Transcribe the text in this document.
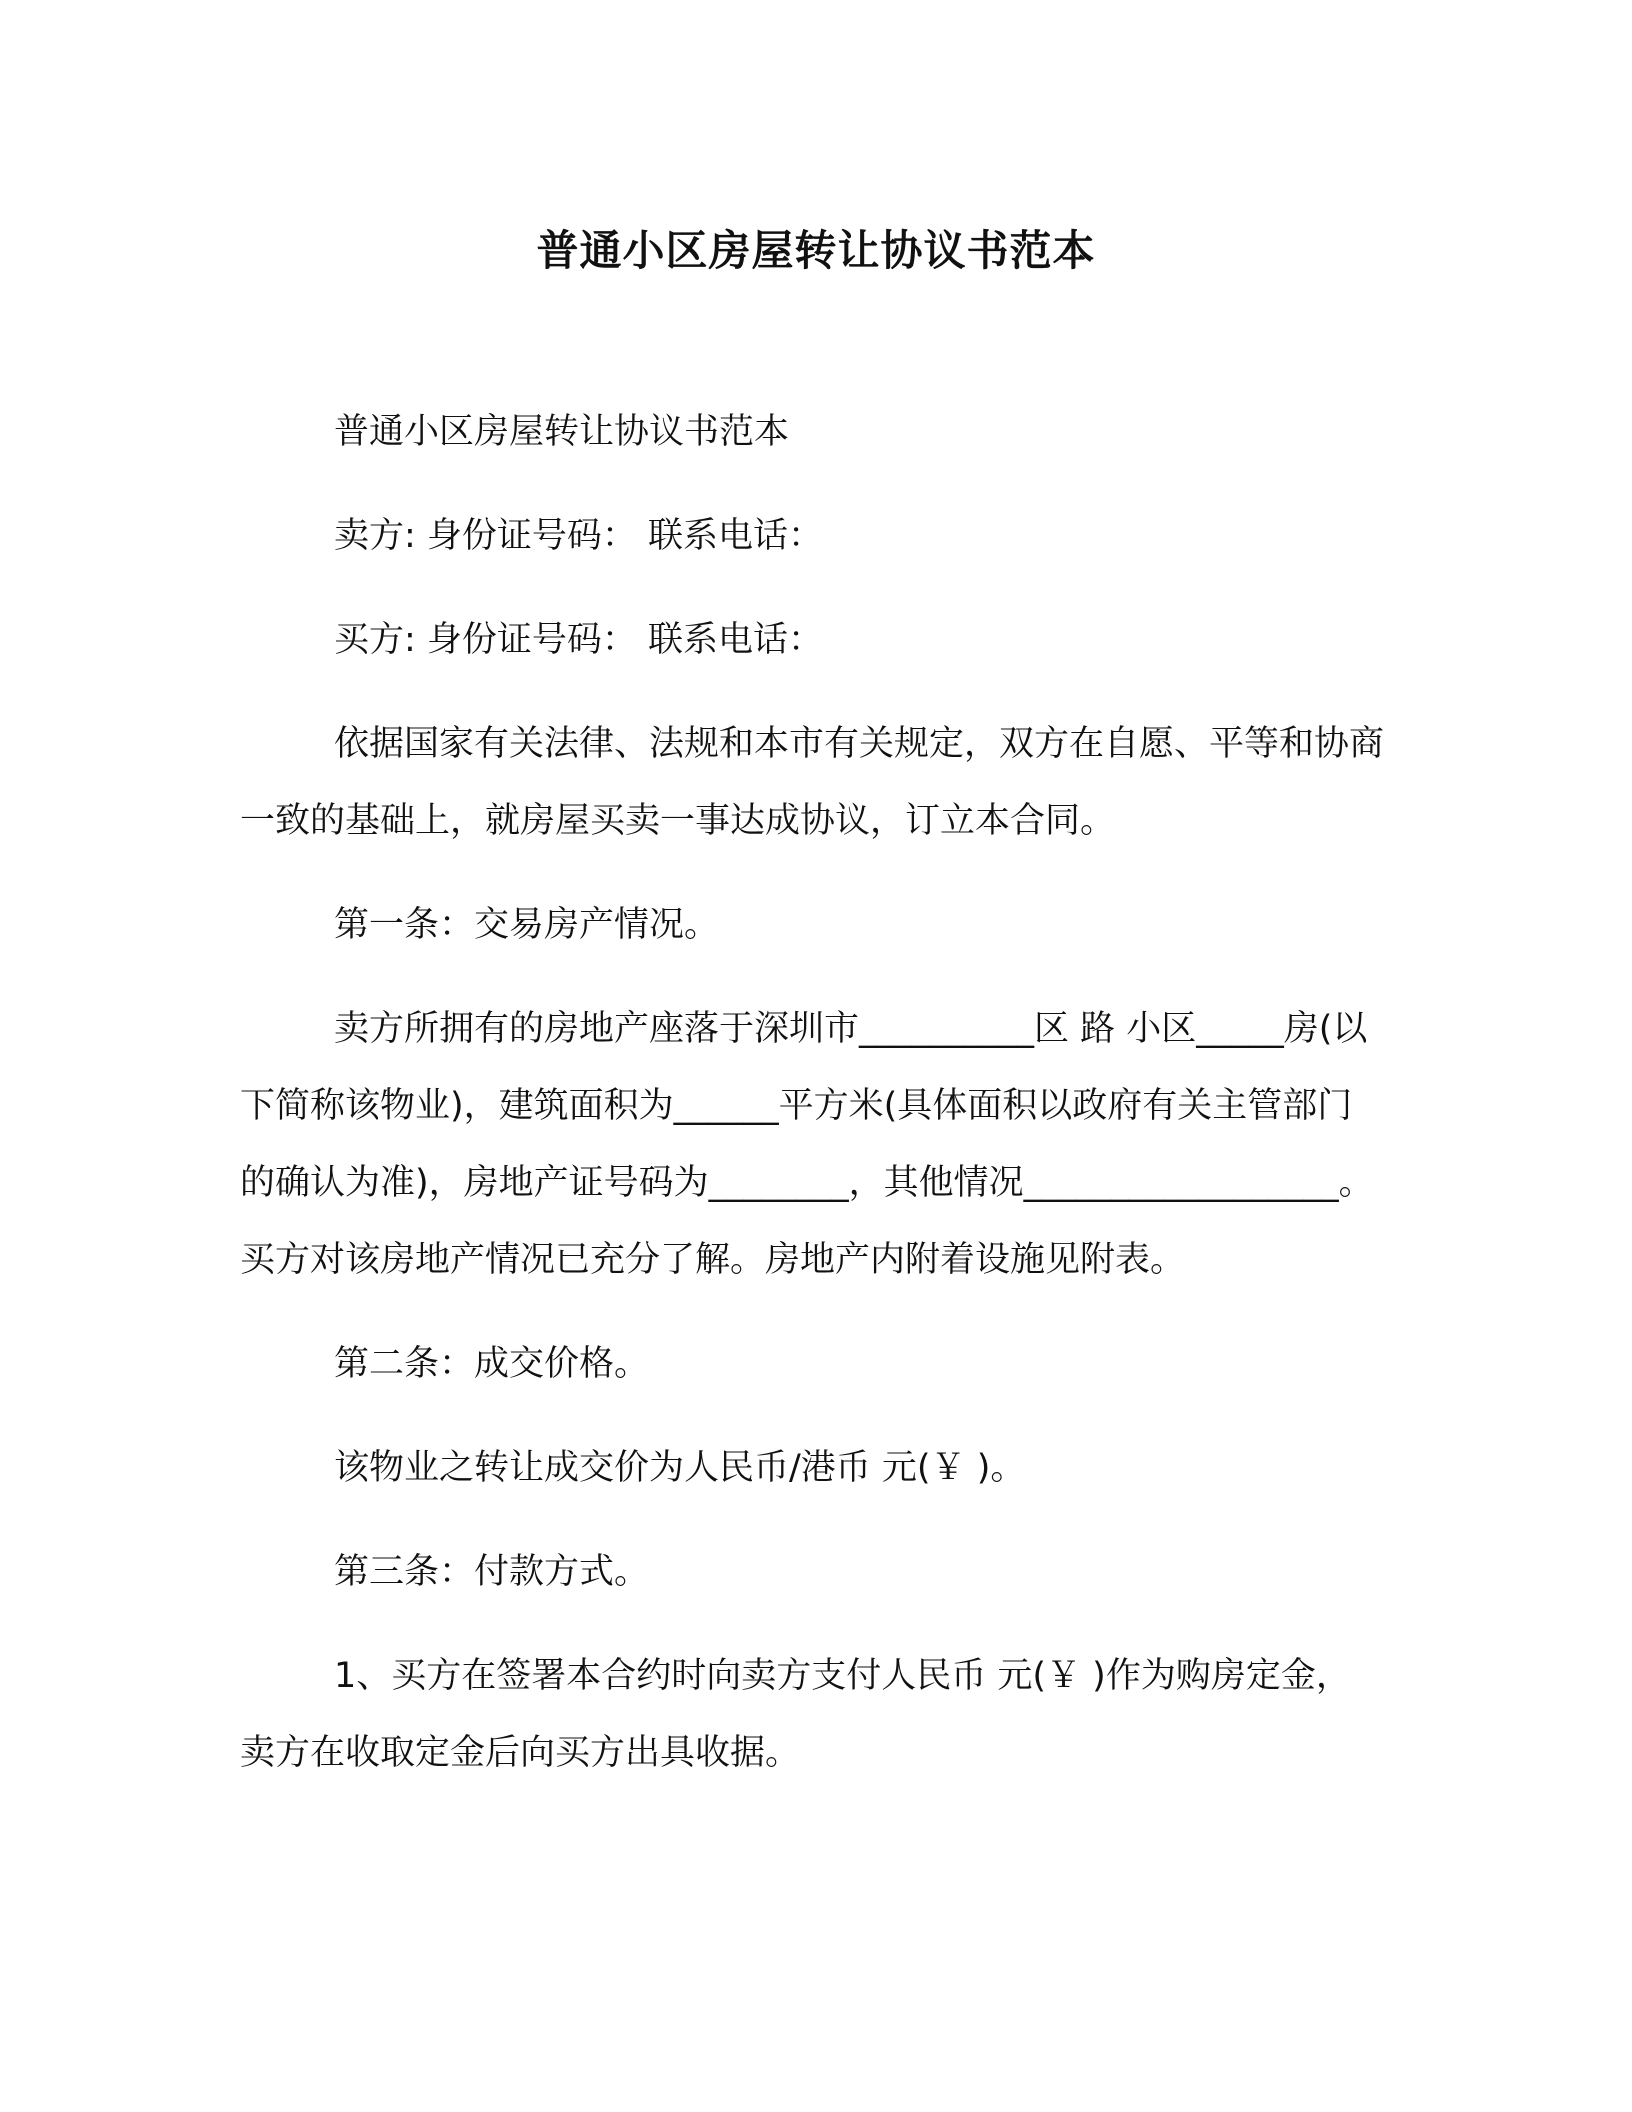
普通小区房屋转让协议书范本

普通小区房屋转让协议书范本

卖方: 身份证号码： 联系电话：

买方: 身份证号码： 联系电话：

依据国家有关法律、法规和本市有关规定，双方在自愿、平等和协商一致的基础上，就房屋买卖一事达成协议，订立本合同。

第一条：交易房产情况。

卖方所拥有的房地产座落于深圳市__________区 路 小区_____房(以下简称该物业)，建筑面积为______平方米(具体面积以政府有关主管部门的确认为准)，房地产证号码为________，其他情况__________________。买方对该房地产情况已充分了解。房地产内附着设施见附表。

第二条：成交价格。

该物业之转让成交价为人民币/港币 元(￥ )。

第三条：付款方式。

1、买方在签署本合约时向卖方支付人民币 元(￥ )作为购房定金，卖方在收取定金后向买方出具收据。
